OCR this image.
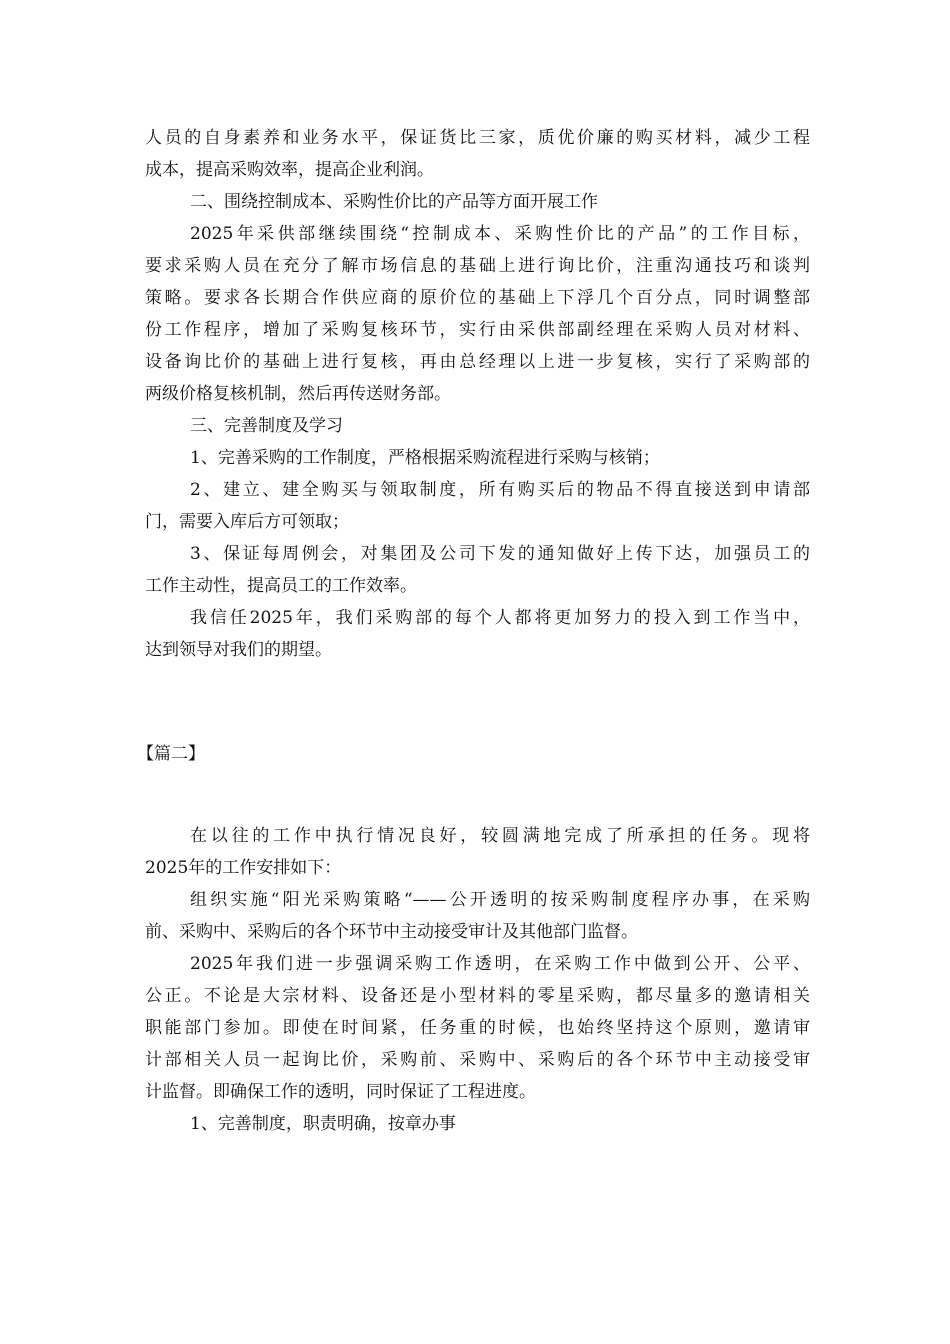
人员的自身素养和业务水平，保证货比三家，质优价廉的购买材料，减少工程
成本，提高采购效率，提高企业利润。
二、围绕控制成本、采购性价比的产品等方面开展工作
2025年采供部继续围绕“控制成本、采购性价比的产品”的工作目标，
要求采购人员在充分了解市场信息的基础上进行询比价，注重沟通技巧和谈判
策略。要求各长期合作供应商的原价位的基础上下浮几个百分点，同时调整部
份工作程序，增加了采购复核环节，实行由采供部副经理在采购人员对材料、
设备询比价的基础上进行复核，再由总经理以上进一步复核，实行了采购部的
两级价格复核机制，然后再传送财务部。
三、完善制度及学习
1、完善采购的工作制度，严格根据采购流程进行采购与核销；
2、建立、建全购买与领取制度，所有购买后的物品不得直接送到申请部
门，需要入库后方可领取；
3、保证每周例会，对集团及公司下发的通知做好上传下达，加强员工的
工作主动性，提高员工的工作效率。
我信任2025年，我们采购部的每个人都将更加努力的投入到工作当中，
达到领导对我们的期望。
【篇二】
在以往的工作中执行情况良好，较圆满地完成了所承担的任务。现将
2025年的工作安排如下：
组织实施“阳光采购策略“——公开透明的按采购制度程序办事，在采购
前、采购中、采购后的各个环节中主动接受审计及其他部门监督。
2025年我们进一步强调采购工作透明，在采购工作中做到公开、公平、
公正。不论是大宗材料、设备还是小型材料的零星采购，都尽量多的邀请相关
职能部门参加。即使在时间紧，任务重的时候，也始终坚持这个原则，邀请审
计部相关人员一起询比价，采购前、采购中、采购后的各个环节中主动接受审
计监督。即确保工作的透明，同时保证了工程进度。
1、完善制度，职责明确，按章办事
